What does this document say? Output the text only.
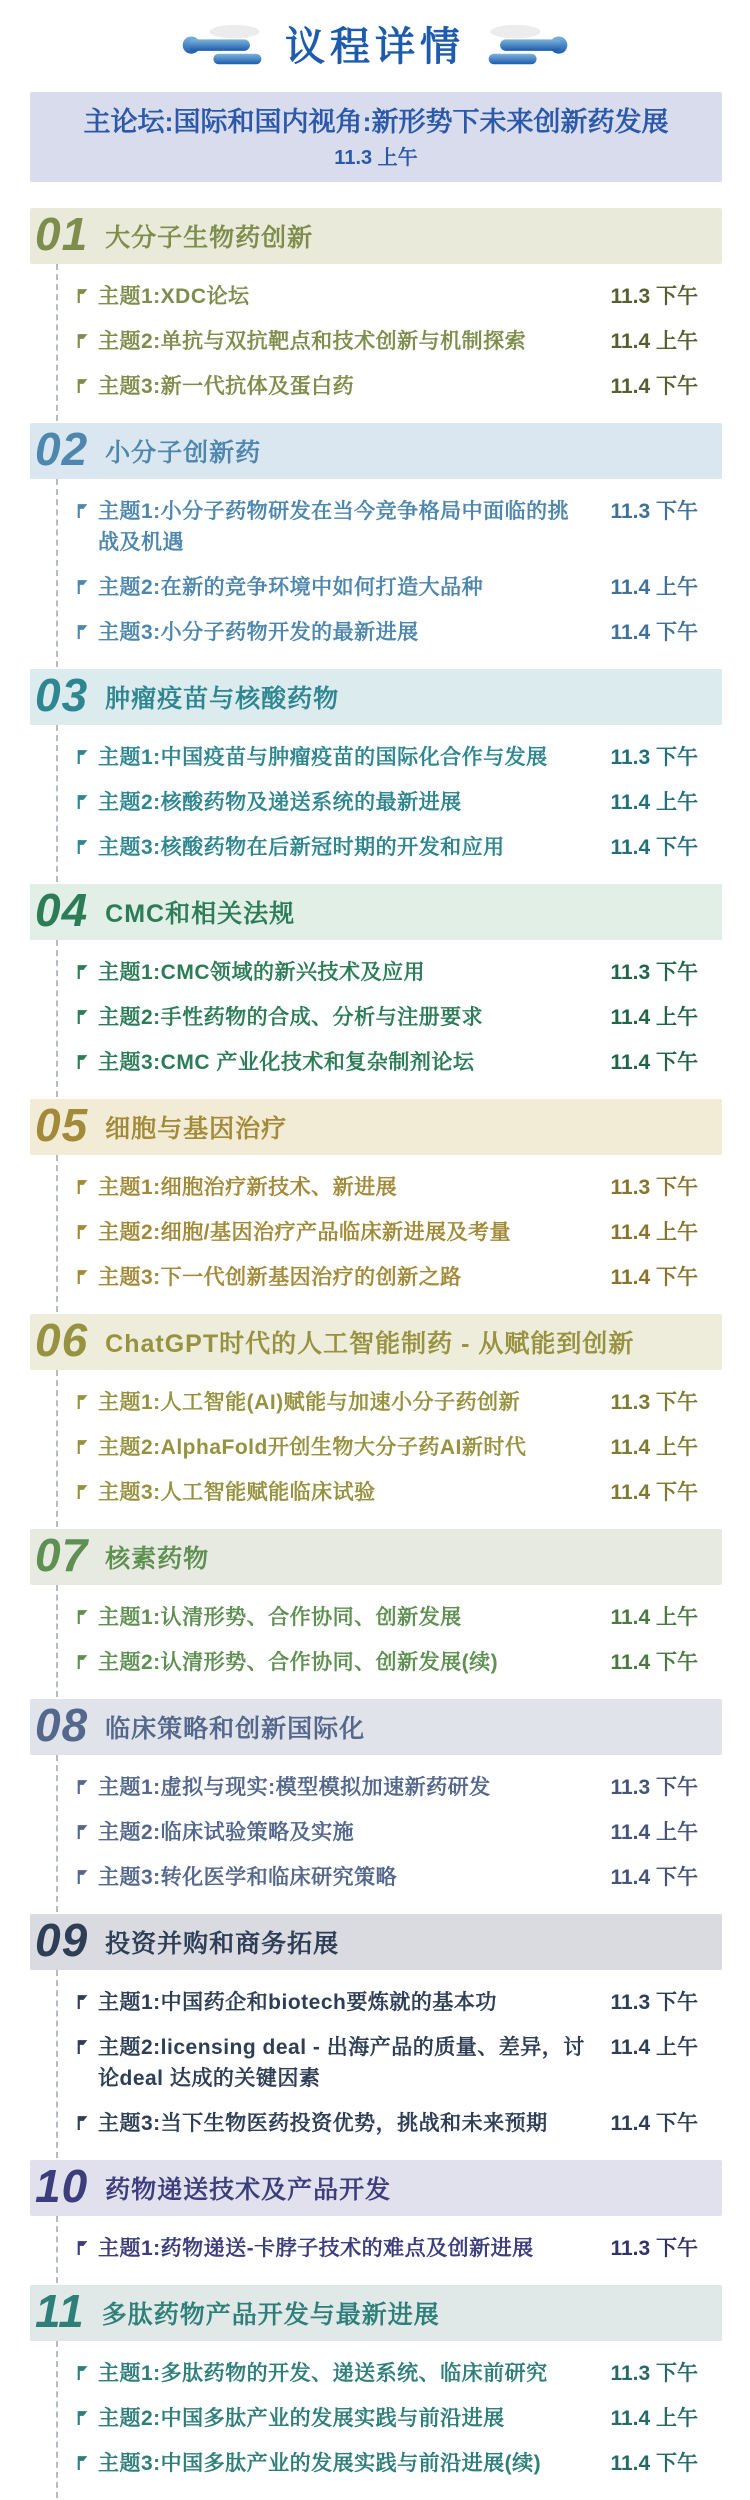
议程详情
主论坛:国际和国内视角:新形势下未来创新药发展
11.3 上午
01 大分子生物药创新
主题1:XDC论坛	11.3 下午
主题2:单抗与双抗靶点和技术创新与机制探索	11.4 上午
主题3:新一代抗体及蛋白药	11.4 下午
02 小分子创新药
主题1:小分子药物研发在当今竞争格局中面临的挑战及机遇
11.3 下午
主题2:在新的竞争环境中如何打造大品种	11.4 上午
主题3:小分子药物开发的最新进展	11.4 下午
03 肿瘤疫苗与核酸药物
主题1:中国疫苗与肿瘤疫苗的国际化合作与发展	11.3 下午
主题2:核酸药物及递送系统的最新进展	11.4 上午
主题3:核酸药物在后新冠时期的开发和应用	11.4 下午
04 CMC和相关法规
主题1:CMC领域的新兴技术及应用	11.3 下午
主题2:手性药物的合成、分析与注册要求	11.4 上午
主题3:CMC 产业化技术和复杂制剂论坛	11.4 下午
05 细胞与基因治疗
主题1:细胞治疗新技术、新进展	11.3 下午
主题2:细胞/基因治疗产品临床新进展及考量	11.4 上午
主题3:下一代创新基因治疗的创新之路	11.4 下午
06 ChatGPT时代的人工智能制药 - 从赋能到创新
主题1:人工智能(AI)赋能与加速小分子药创新	11.3 下午
主题2:AlphaFold开创生物大分子药AI新时代	11.4 上午
主题3:人工智能赋能临床试验	11.4 下午
07 核素药物
主题1:认清形势、合作协同、创新发展	11.4 上午
主题2:认清形势、合作协同、创新发展(续)	11.4 下午
08 临床策略和创新国际化
主题1:虚拟与现实:模型模拟加速新药研发	11.3 下午
主题2:临床试验策略及实施	11.4 上午
主题3:转化医学和临床研究策略	11.4 下午
09 投资并购和商务拓展
主题1:中国药企和biotech要炼就的基本功	11.3 下午
主题2:licensing deal - 出海产品的质量、差异，讨论deal 达成的关键因素
11.4 上午
主题3:当下生物医药投资优势，挑战和未来预期	11.4 下午
10 药物递送技术及产品开发
主题1:药物递送-卡脖子技术的难点及创新进展	11.3 下午
11 多肽药物产品开发与最新进展
主题1:多肽药物的开发、递送系统、临床前研究	11.3 下午
主题2:中国多肽产业的发展实践与前沿进展	11.4 上午
主题3:中国多肽产业的发展实践与前沿进展(续)	11.4 下午
